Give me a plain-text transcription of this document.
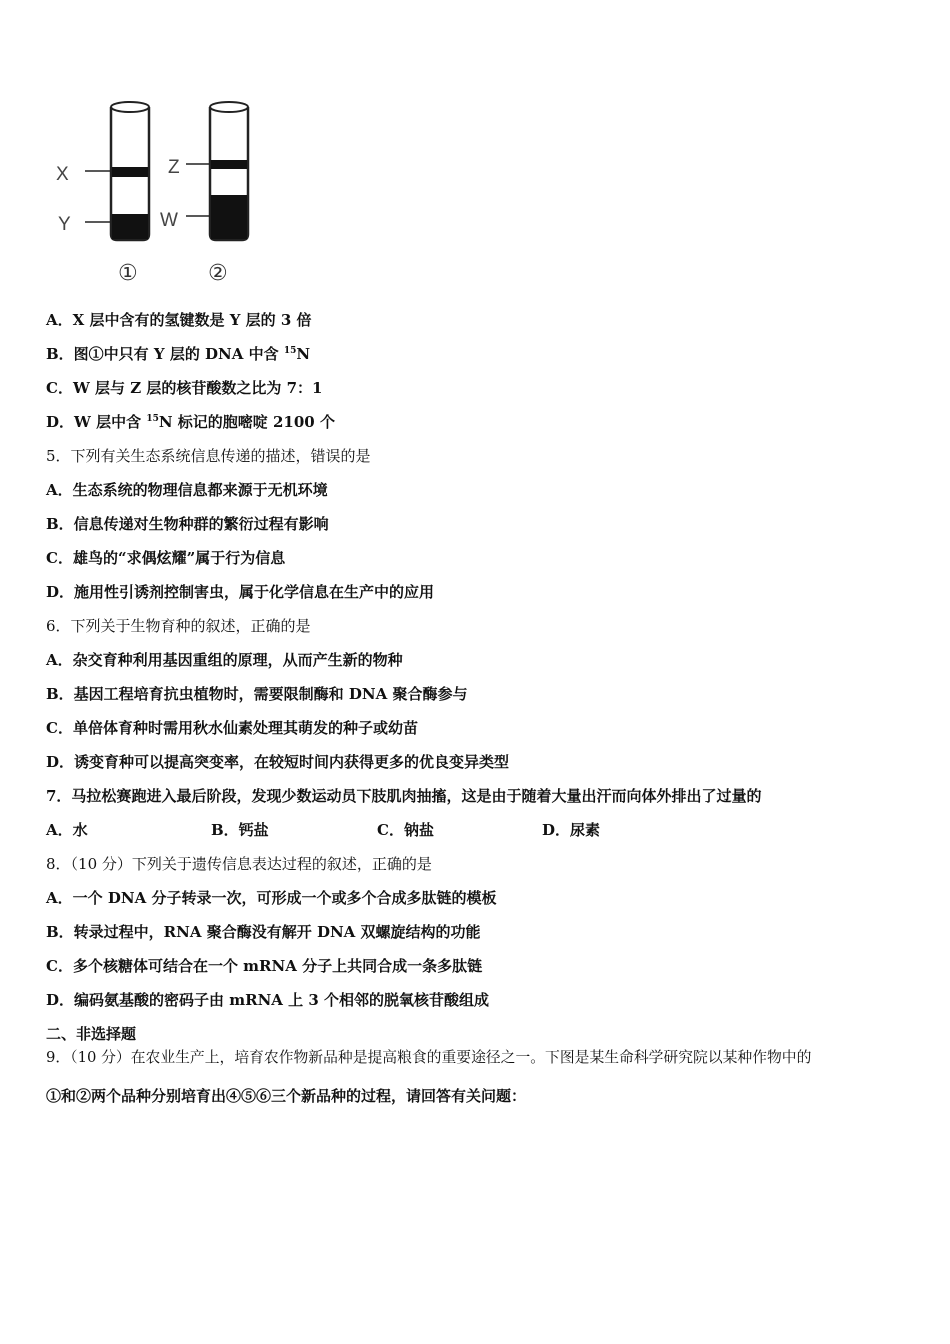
X
Y
Z
W
①	②
A．X 层中含有的氢键数是 Y 层的 3 倍
B．图①中只有 Y 层的 DNA 中含 $^{15}$N
C．W 层与 Z 层的核苷酸数之比为 7：1
D．W 层中含 $^{15}$N 标记的胞嘧啶 2100 个
5．下列有关生态系统信息传递的描述，错误的是
A．生态系统的物理信息都来源于无机环境
B．信息传递对生物种群的繁衍过程有影响
C．雄鸟的“求偶炫耀”属于行为信息
D．施用性引诱剂控制害虫，属于化学信息在生产中的应用
6．下列关于生物育种的叙述，正确的是
A．杂交育种利用基因重组的原理，从而产生新的物种
B．基因工程培育抗虫植物时，需要限制酶和 DNA 聚合酶参与
C．单倍体育种时需用秋水仙素处理其萌发的种子或幼苗
D．诱变育种可以提高突变率，在较短时间内获得更多的优良变异类型
7．马拉松赛跑进入最后阶段，发现少数运动员下肢肌肉抽搐，这是由于随着大量出汗而向体外排出了过量的
A．水	B．钙盐	C．钠盐	D．尿素
8．（10 分）下列关于遗传信息表达过程的叙述，正确的是
A．一个 DNA 分子转录一次，可形成一个或多个合成多肽链的模板
B．转录过程中，RNA 聚合酶没有解开 DNA 双螺旋结构的功能
C．多个核糖体可结合在一个 mRNA 分子上共同合成一条多肽链
D．编码氨基酸的密码子由 mRNA 上 3 个相邻的脱氧核苷酸组成
二、非选择题
9．（10 分）在农业生产上，培育农作物新品种是提高粮食的重要途径之一。下图是某生命科学研究院以某种作物中的
①和②两个品种分别培育出④⑤⑥三个新品种的过程，请回答有关问题：
